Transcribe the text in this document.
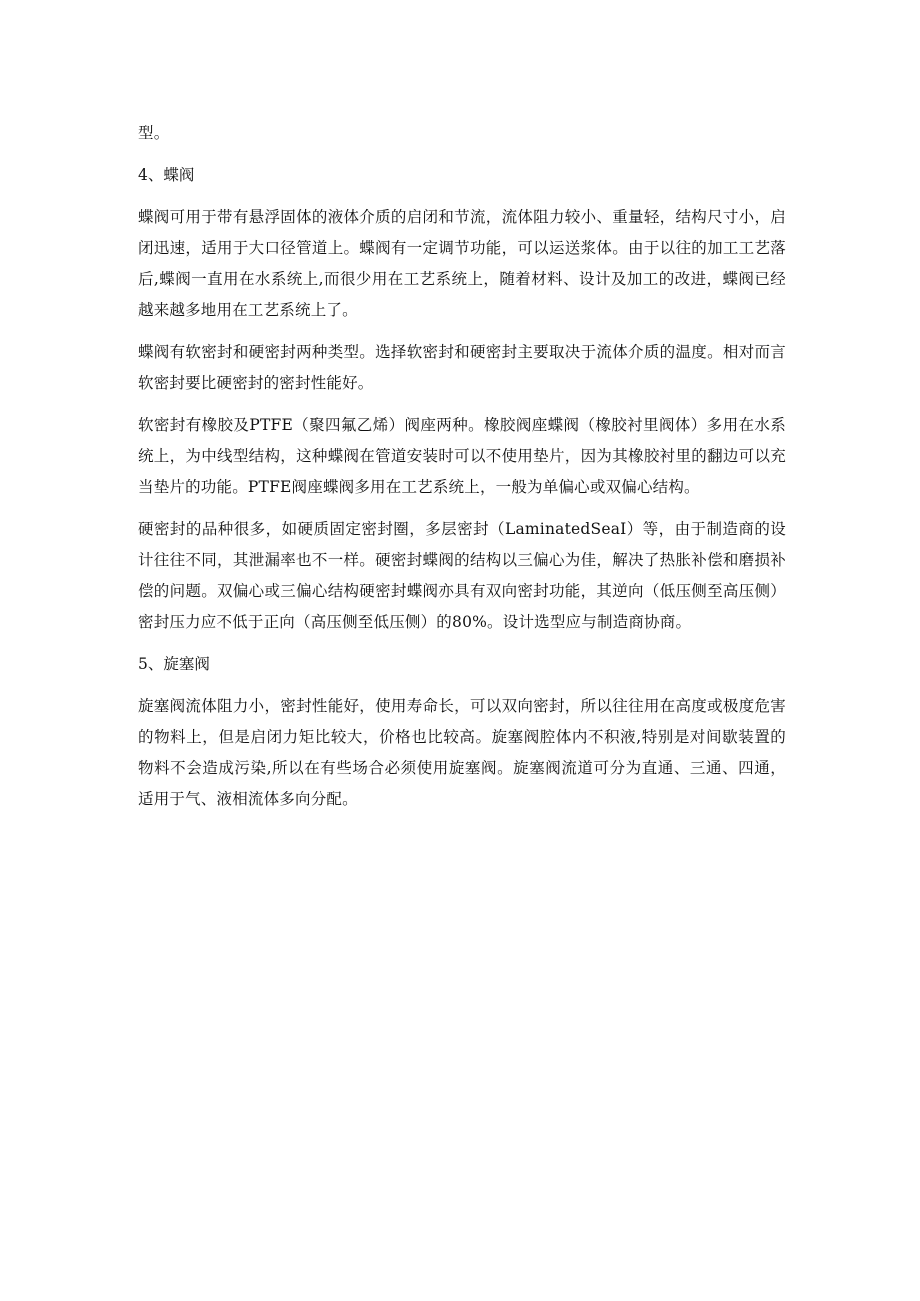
型。

4、蝶阀

蝶阀可用于带有悬浮固体的液体介质的启闭和节流，流体阻力较小、重量轻，结构尺寸小，启闭迅速，适用于大口径管道上。蝶阀有一定调节功能，可以运送浆体。由于以往的加工工艺落后,蝶阀一直用在水系统上,而很少用在工艺系统上，随着材料、设计及加工的改进，蝶阀已经越来越多地用在工艺系统上了。

蝶阀有软密封和硬密封两种类型。选择软密封和硬密封主要取决于流体介质的温度。相对而言软密封要比硬密封的密封性能好。

软密封有橡胶及PTFE（聚四氟乙烯）阀座两种。橡胶阀座蝶阀（橡胶衬里阀体）多用在水系统上，为中线型结构，这种蝶阀在管道安装时可以不使用垫片，因为其橡胶衬里的翻边可以充当垫片的功能。PTFE阀座蝶阀多用在工艺系统上，一般为单偏心或双偏心结构。

硬密封的品种很多，如硬质固定密封圈，多层密封（LaminatedSeaI）等，由于制造商的设计往往不同，其泄漏率也不一样。硬密封蝶阀的结构以三偏心为佳，解决了热胀补偿和磨损补偿的问题。双偏心或三偏心结构硬密封蝶阀亦具有双向密封功能，其逆向（低压侧至高压侧）密封压力应不低于正向（高压侧至低压侧）的80%。设计选型应与制造商协商。

5、旋塞阀

旋塞阀流体阻力小，密封性能好，使用寿命长，可以双向密封，所以往往用在高度或极度危害的物料上，但是启闭力矩比较大，价格也比较高。旋塞阀腔体内不积液,特别是对间歇装置的物料不会造成污染,所以在有些场合必须使用旋塞阀。旋塞阀流道可分为直通、三通、四通，适用于气、液相流体多向分配。
